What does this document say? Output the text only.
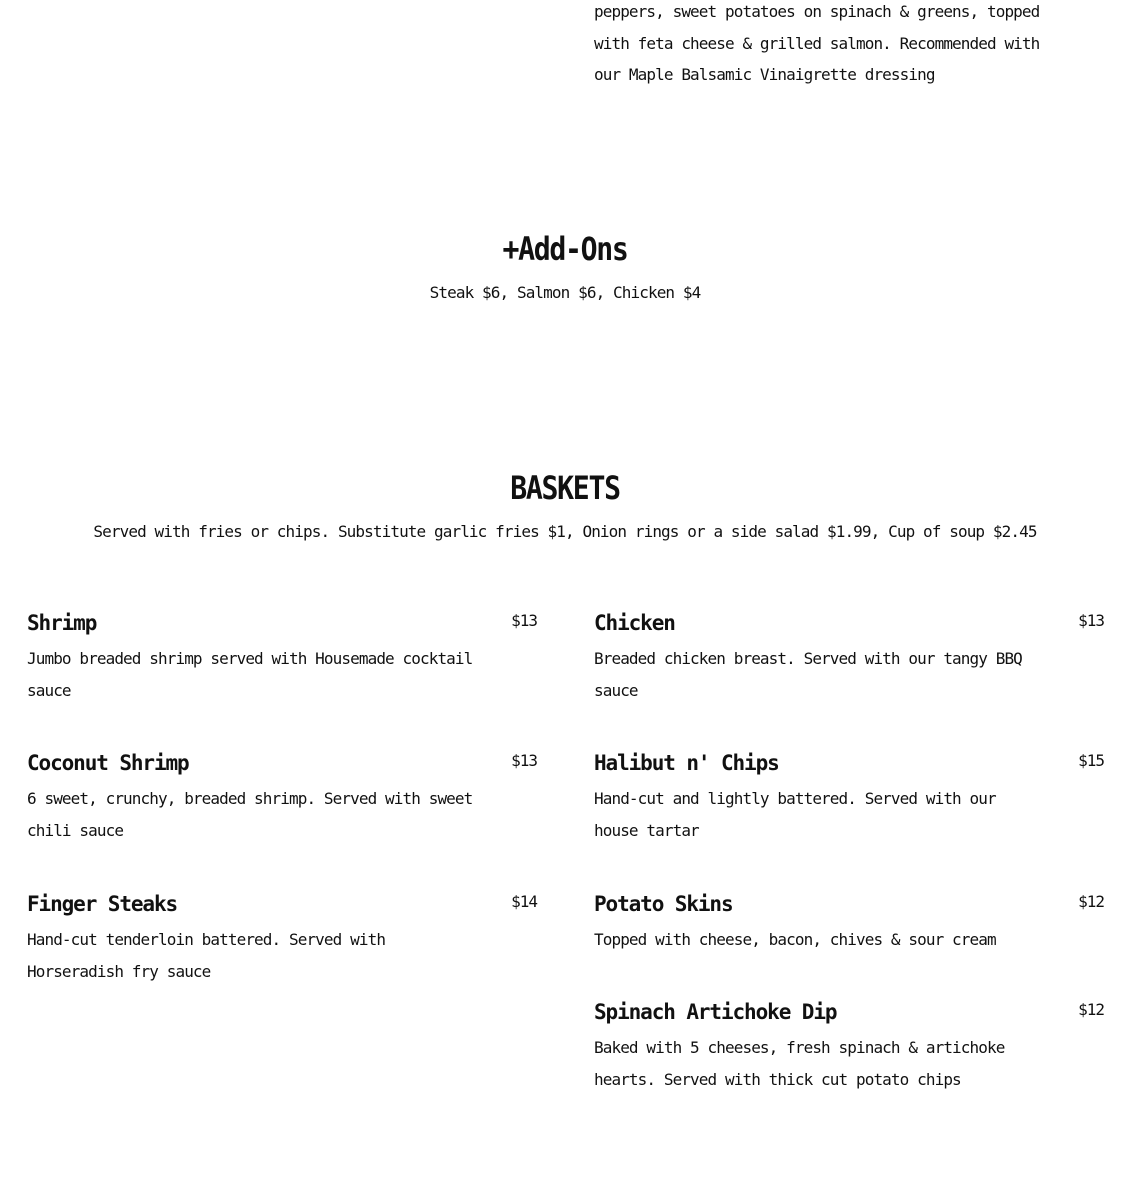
peppers, sweet potatoes on spinach & greens, topped with feta cheese & grilled salmon. Recommended with our Maple Balsamic Vinaigrette dressing

+Add-Ons

Steak $6, Salmon $6, Chicken $4

BASKETS

Served with fries or chips. Substitute garlic fries $1, Onion rings or a side salad $1.99, Cup of soup $2.45

Shrimp	$13

Jumbo breaded shrimp served with Housemade cocktail sauce

Chicken	$13

Breaded chicken breast. Served with our tangy BBQ sauce

Coconut Shrimp	$13

6 sweet, crunchy, breaded shrimp. Served with sweet chili sauce

Halibut n' Chips	$15

Hand-cut and lightly battered. Served with our house tartar

Finger Steaks	$14

Hand-cut tenderloin battered. Served with Horseradish fry sauce

Potato Skins	$12

Topped with cheese, bacon, chives & sour cream

Spinach Artichoke Dip	$12

Baked with 5 cheeses, fresh spinach & artichoke hearts. Served with thick cut potato chips
